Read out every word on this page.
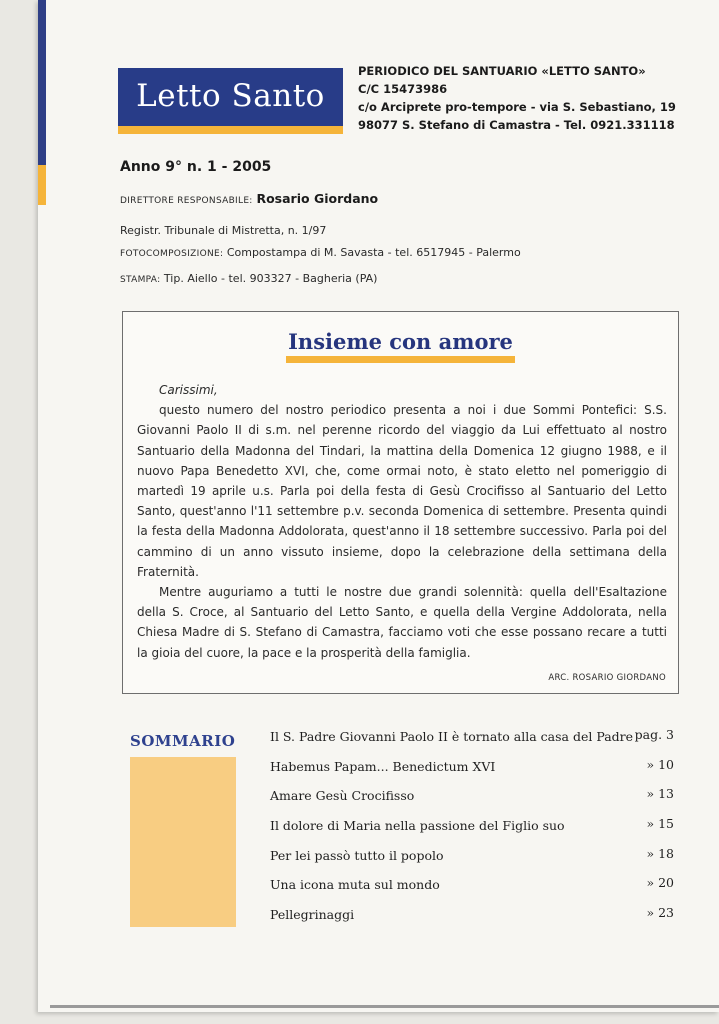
Letto Santo
PERIODICO DEL SANTUARIO «LETTO SANTO»
C/C 15473986
c/o Arciprete pro-tempore - via S. Sebastiano, 19
98077 S. Stefano di Camastra - Tel. 0921.331118
Anno 9° n. 1 - 2005
DIRETTORE RESPONSABILE: Rosario Giordano
Registr. Tribunale di Mistretta, n. 1/97
FOTOCOMPOSIZIONE: Compostampa di M. Savasta - tel. 6517945 - Palermo
STAMPA: Tip. Aiello - tel. 903327 - Bagheria (PA)
Insieme con amore

Carissimi,

questo numero del nostro periodico presenta a noi i due Sommi Pontefici: S.S. Giovanni Paolo II di s.m. nel perenne ricordo del viaggio da Lui effettuato al nostro Santuario della Madonna del Tindari, la mattina della Domenica 12 giugno 1988, e il nuovo Papa Benedetto XVI, che, come ormai noto, è stato eletto nel pomeriggio di martedì 19 aprile u.s. Parla poi della festa di Gesù Crocifisso al Santuario del Letto Santo, quest'anno l'11 settembre p.v. seconda Domenica di settembre. Presenta quindi la festa della Madonna Addolorata, quest'anno il 18 settembre successivo. Parla poi del cammino di un anno vissuto insieme, dopo la celebrazione della settimana della Fraternità.

Mentre auguriamo a tutti le nostre due grandi solennità: quella dell'Esaltazione della S. Croce, al Santuario del Letto Santo, e quella della Vergine Addolorata, nella Chiesa Madre di S. Stefano di Camastra, facciamo voti che esse possano recare a tutti la gioia del cuore, la pace e la prosperità della famiglia.

ARC. ROSARIO GIORDANO
SOMMARIO	Il S. Padre Giovanni Paolo II è tornato alla casa del Padre pag. 3
Habemus Papam... Benedictum XVI	» 10
Amare Gesù Crocifisso	» 13
Il dolore di Maria nella passione del Figlio suo	» 15
Per lei passò tutto il popolo	» 18
Una icona muta sul mondo	» 20
Pellegrinaggi	» 23
